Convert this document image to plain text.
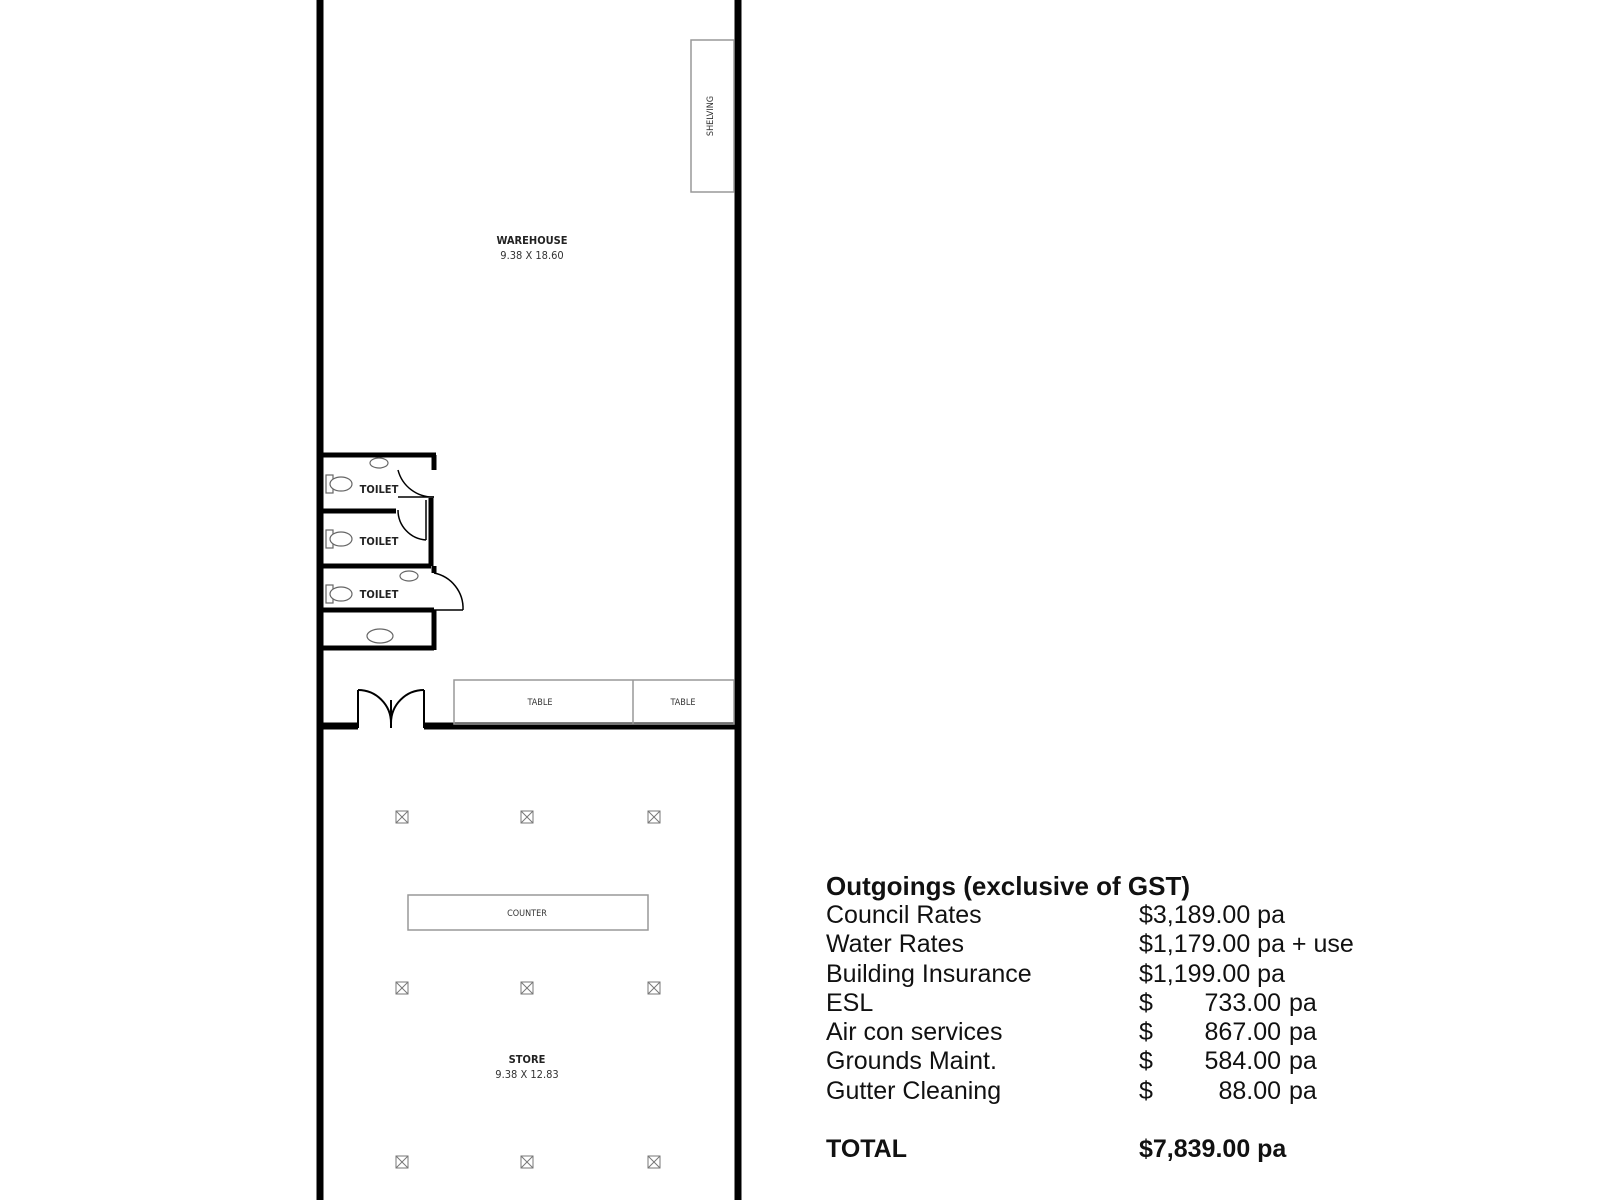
SHELVING
WAREHOUSE
9.38 X 18.60
TOILET
TOILET
TOILET
TABLE	TABLE
COUNTER
STORE
9.38 X 12.83
Outgoings (exclusive of GST)
Council Rates	$3,189.00 pa
Water Rates	$1,179.00 pa + use
Building Insurance	$1,199.00 pa
ESL	$	733.00 pa
Air con services	$	867.00 pa
Grounds Maint.	$	584.00 pa
Gutter Cleaning	$	88.00 pa
TOTAL	$7,839.00 pa
